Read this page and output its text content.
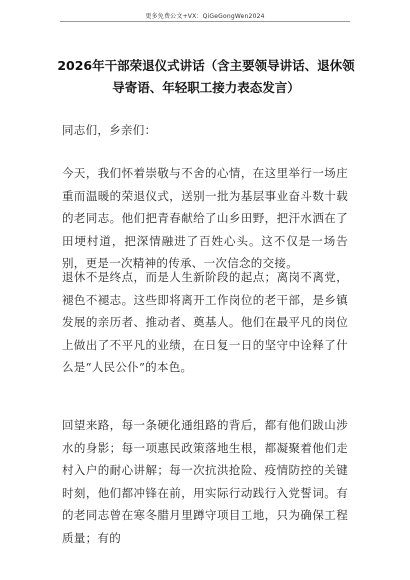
更多免费公文+VX：QiGeGongWen2024
2026年干部荣退仪式讲话（含主要领导讲话、退休领导寄语、年轻职工接力表态发言）

同志们，乡亲们：

今天，我们怀着崇敬与不舍的心情，在这里举行一场庄重而温暖的荣退仪式，送别一批为基层事业奋斗数十载的老同志。他们把青春献给了山乡田野，把汗水洒在了田埂村道，把深情融进了百姓心头。这不仅是一场告别，更是一次精神的传承、一次信念的交接。

退休不是终点，而是人生新阶段的起点；离岗不离党，褪色不褪志。这些即将离开工作岗位的老干部，是乡镇发展的亲历者、推动者、奠基人。他们在最平凡的岗位上做出了不平凡的业绩，在日复一日的坚守中诠释了什么是“人民公仆”的本色。

回望来路，每一条硬化通组路的背后，都有他们跋山涉水的身影；每一项惠民政策落地生根，都凝聚着他们走村入户的耐心讲解；每一次抗洪抢险、疫情防控的关键时刻，他们都冲锋在前，用实际行动践行入党誓词。有的老同志曾在寒冬腊月里蹲守项目工地，只为确保工程质量；有的
